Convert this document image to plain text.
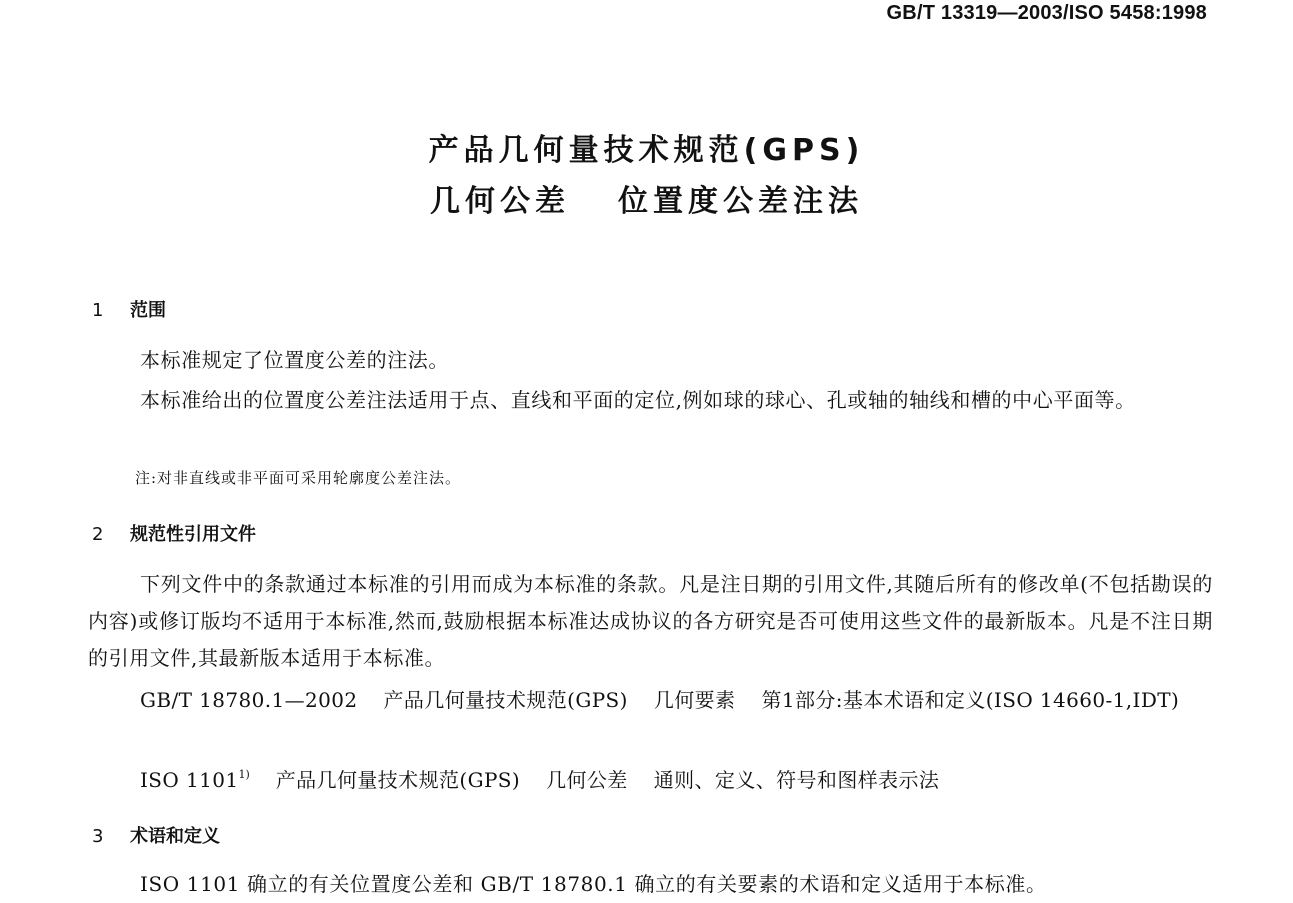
GB/T 13319—2003/ISO 5458:1998
产品几何量技术规范(GPS)
几何公差 位置度公差注法
1 范围
本标准规定了位置度公差的注法。
本标准给出的位置度公差注法适用于点、直线和平面的定位,例如球的球心、孔或轴的轴线和槽的中心平面等。
注:对非直线或非平面可采用轮廓度公差注法。
2 规范性引用文件
下列文件中的条款通过本标准的引用而成为本标准的条款。凡是注日期的引用文件,其随后所有的修改单(不包括勘误的内容)或修订版均不适用于本标准,然而,鼓励根据本标准达成协议的各方研究是否可使用这些文件的最新版本。凡是不注日期的引用文件,其最新版本适用于本标准。
GB/T 18780.1—2002 产品几何量技术规范(GPS) 几何要素 第1部分:基本术语和定义(ISO 14660-1,IDT)
ISO 1101$^{1)}$ 产品几何量技术规范(GPS) 几何公差 通则、定义、符号和图样表示法
3 术语和定义
ISO 1101 确立的有关位置度公差和 GB/T 18780.1 确立的有关要素的术语和定义适用于本标准。
